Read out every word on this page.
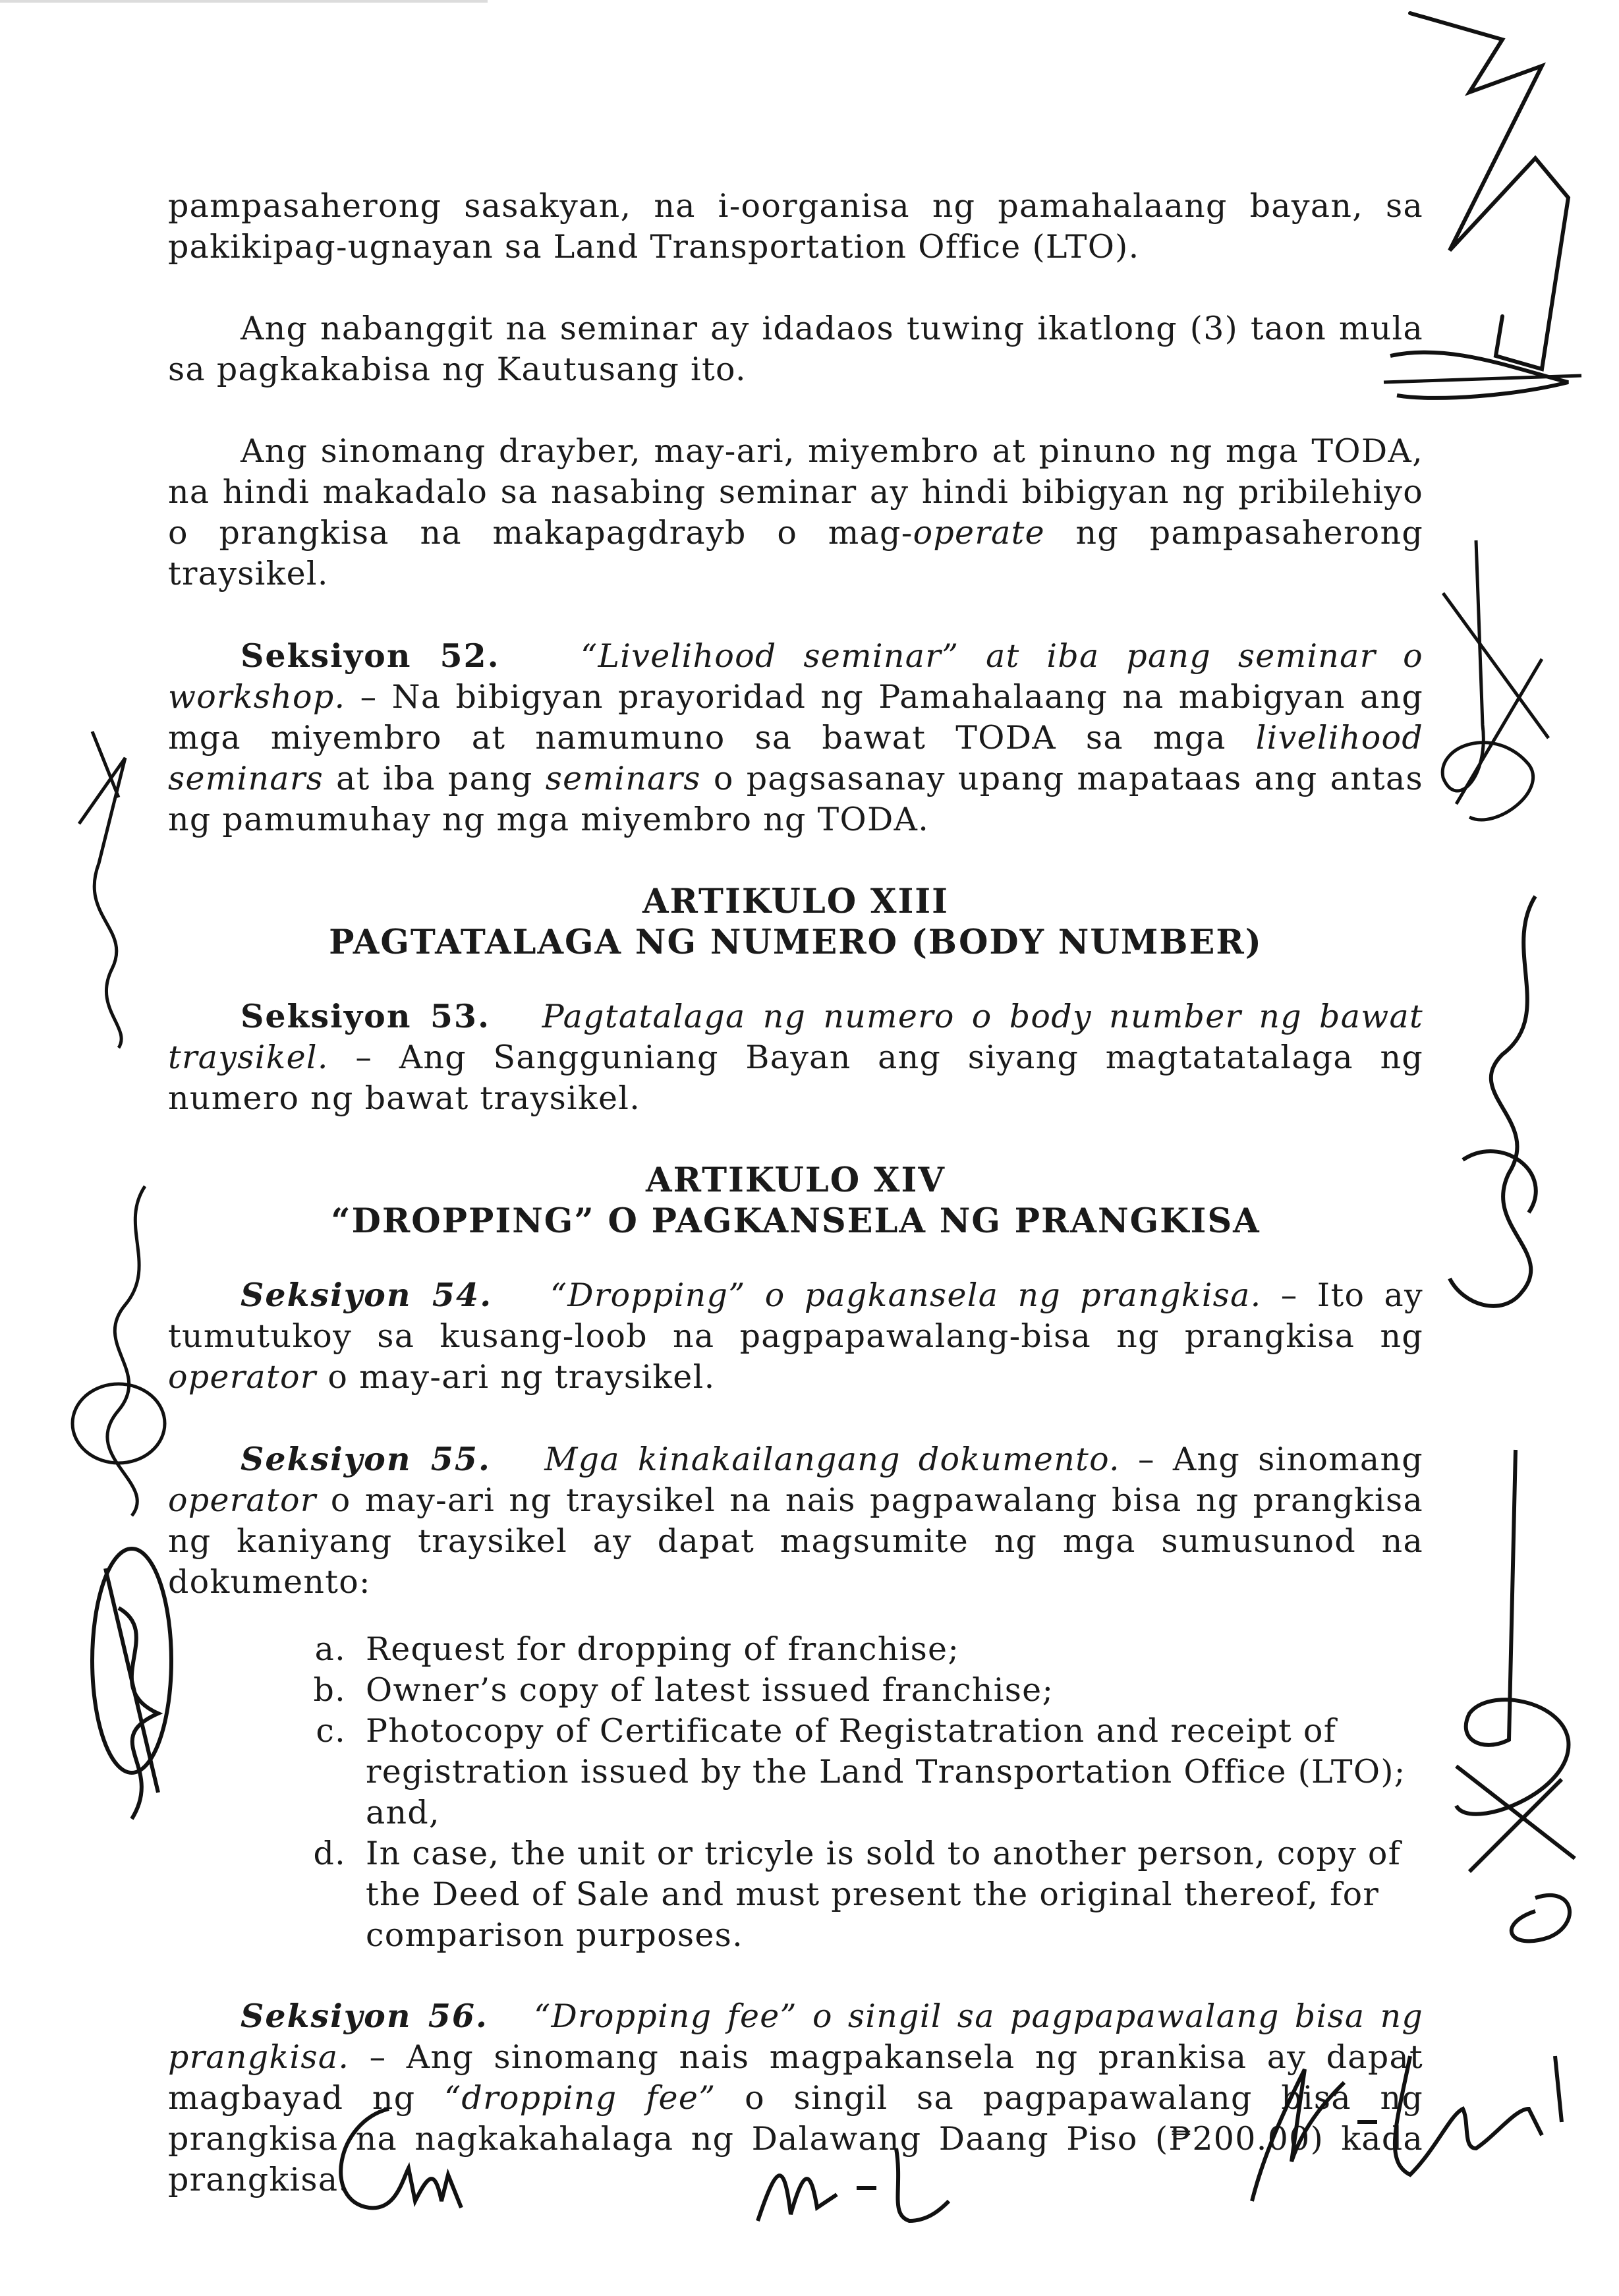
pampasaherong sasakyan, na i-oorganisa ng pamahalaang bayan, sa pakikipag-ugnayan sa Land Transportation Office (LTO).

Ang nabanggit na seminar ay idadaos tuwing ikatlong (3) taon mula sa pagkakabisa ng Kautusang ito.

Ang sinomang drayber, may-ari, miyembro at pinuno ng mga TODA, na hindi makadalo sa nasabing seminar ay hindi bibigyan ng pribilehiyo o prangkisa na makapagdrayb o mag-operate ng pampasaherong traysikel.

Seksiyon 52. “Livelihood seminar” at iba pang seminar o workshop. – Na bibigyan prayoridad ng Pamahalaang na mabigyan ang mga miyembro at namumuno sa bawat TODA sa mga livelihood seminars at iba pang seminars o pagsasanay upang mapataas ang antas ng pamumuhay ng mga miyembro ng TODA.

ARTIKULO XIII

PAGTATALAGA NG NUMERO (BODY NUMBER)

Seksiyon 53. Pagtatalaga ng numero o body number ng bawat traysikel. – Ang Sangguniang Bayan ang siyang magtatatalaga ng numero ng bawat traysikel.

ARTIKULO XIV

“DROPPING” O PAGKANSELA NG PRANGKISA

Seksiyon 54. “Dropping” o pagkansela ng prangkisa. – Ito ay tumutukoy sa kusang-loob na pagpapawalang-bisa ng prangkisa ng operator o may-ari ng traysikel.

Seksiyon 55. Mga kinakailangang dokumento. – Ang sinomang operator o may-ari ng traysikel na nais pagpawalang bisa ng prangkisa ng kaniyang traysikel ay dapat magsumite ng mga sumusunod na dokumento:

a. Request for dropping of franchise;
b. Owner’s copy of latest issued franchise;
c. Photocopy of Certificate of Registatration and receipt of registration issued by the Land Transportation Office (LTO); and,
d. In case, the unit or tricyle is sold to another person, copy of the Deed of Sale and must present the original thereof, for comparison purposes.

Seksiyon 56. “Dropping fee” o singil sa pagpapawalang bisa ng prangkisa. – Ang sinomang nais magpakansela ng prankisa ay dapat magbayad ng “dropping fee” o singil sa pagpapawalang bisa ng prangkisa na nagkakahalaga ng Dalawang Daang Piso (₱200.00) kada prangkisa.
